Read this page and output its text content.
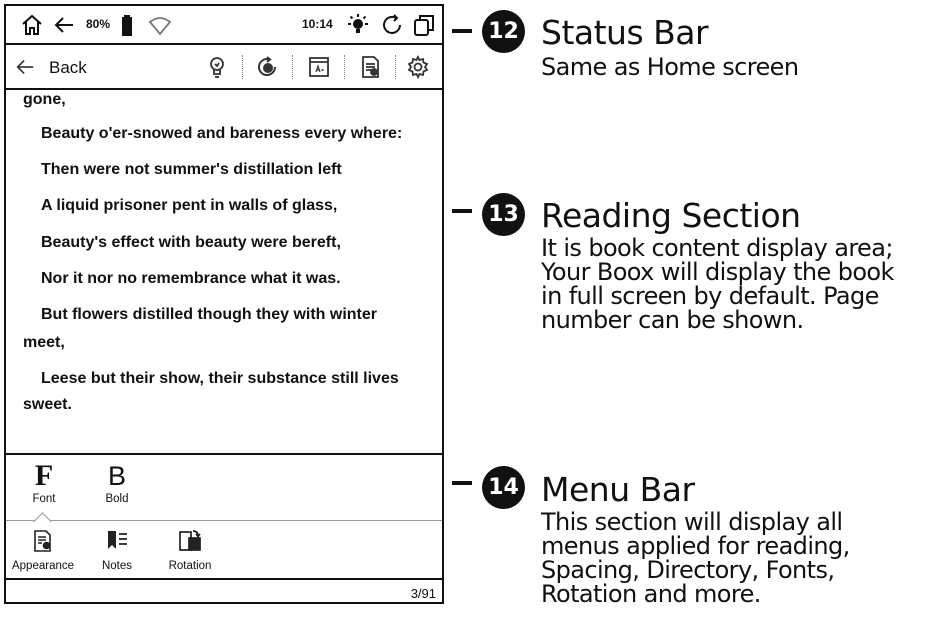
80%	10:14
Back

gone,

Beauty o'er-snowed and bareness every where:

Then were not summer's distillation left

A liquid prisoner pent in walls of glass,

Beauty's effect with beauty were bereft,

Nor it nor no remembrance what it was.

But flowers distilled though they with winter

meet,

Leese but their show, their substance still lives

sweet.

F
Font
B
Bold
Appearance	Notes	Rotation
3/91
12 Status Bar
Same as Home screen
13 Reading Section
It is book content display area;
Your Boox will display the book
in full screen by default. Page
number can be shown.
14 Menu Bar
This section will display all
menus applied for reading,
Spacing, Directory, Fonts,
Rotation and more.
